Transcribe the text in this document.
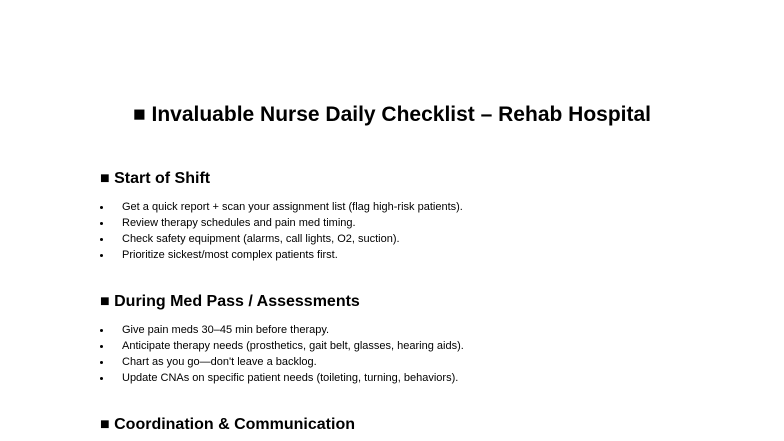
■ Invaluable Nurse Daily Checklist – Rehab Hospital
■ Start of Shift
Get a quick report + scan your assignment list (flag high-risk patients).
Review therapy schedules and pain med timing.
Check safety equipment (alarms, call lights, O2, suction).
Prioritize sickest/most complex patients first.
■ During Med Pass / Assessments
Give pain meds 30–45 min before therapy.
Anticipate therapy needs (prosthetics, gait belt, glasses, hearing aids).
Chart as you go—don't leave a backlog.
Update CNAs on specific patient needs (toileting, turning, behaviors).
■ Coordination & Communication
